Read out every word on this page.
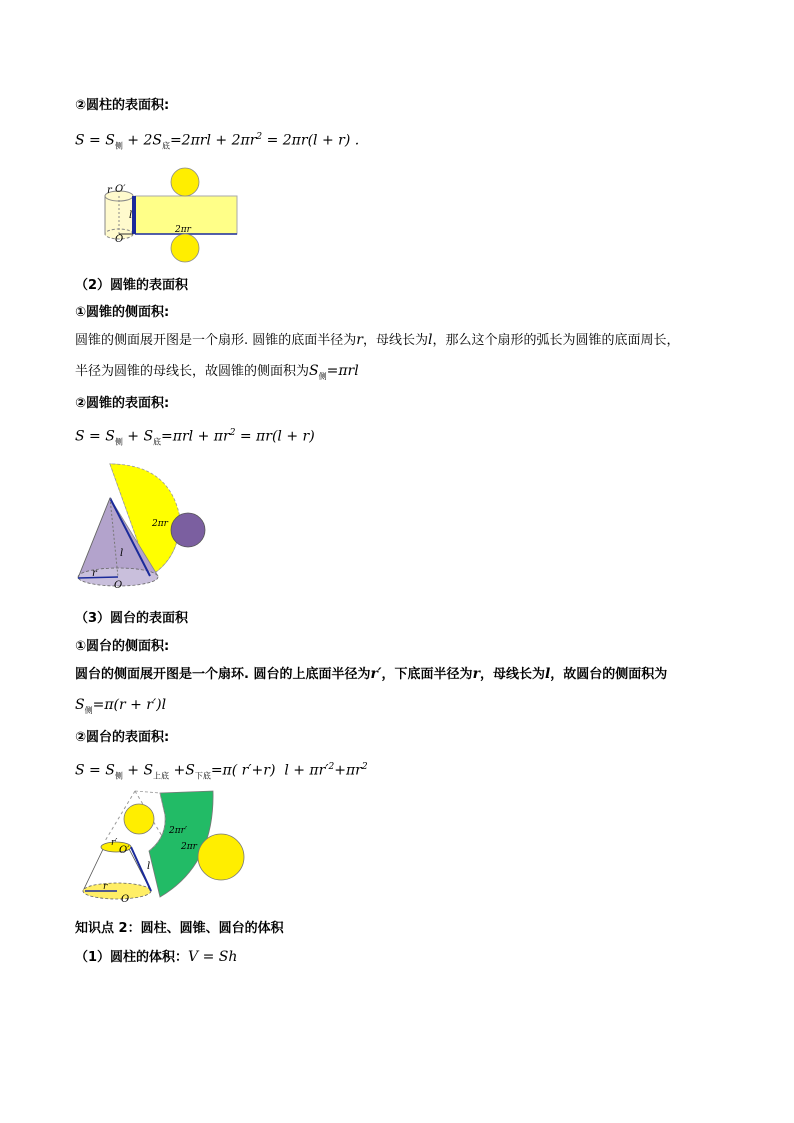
②圆柱的表面积:
$S = S_侧 + 2S_底=2\pi rl + 2\pi r^2 = 2\pi r(l + r)$ .
r O′
l
O
2πr
（2）圆锥的表面积
①圆锥的侧面积:
圆锥的侧面展开图是一个扇形. 圆锥的底面半径为r，母线长为l，那么这个扇形的弧长为圆锥的底面周长，
半径为圆锥的母线长，故圆锥的侧面积为$S_侧=\pi rl$
②圆锥的表面积:
$S = S_侧 + S_底=\pi rl + \pi r^2 = \pi r(l + r)$
2πr
l
r
O
（3）圆台的表面积
①圆台的侧面积:
圆台的侧面展开图是一个扇环. 圆台的上底面半径为r′，下底面半径为r，母线长为l，故圆台的侧面积为
$S_侧=\pi(r + r')l$
②圆台的表面积:
$S = S_侧 + S_{上底} +S_{下底}=\pi$( r′+r)  $l + \pi r'^2+\pi r^2$
2πr′
2πr
l
r′
O′
r
O
知识点 2：圆柱、圆锥、圆台的体积
（1）圆柱的体积：V = Sh
